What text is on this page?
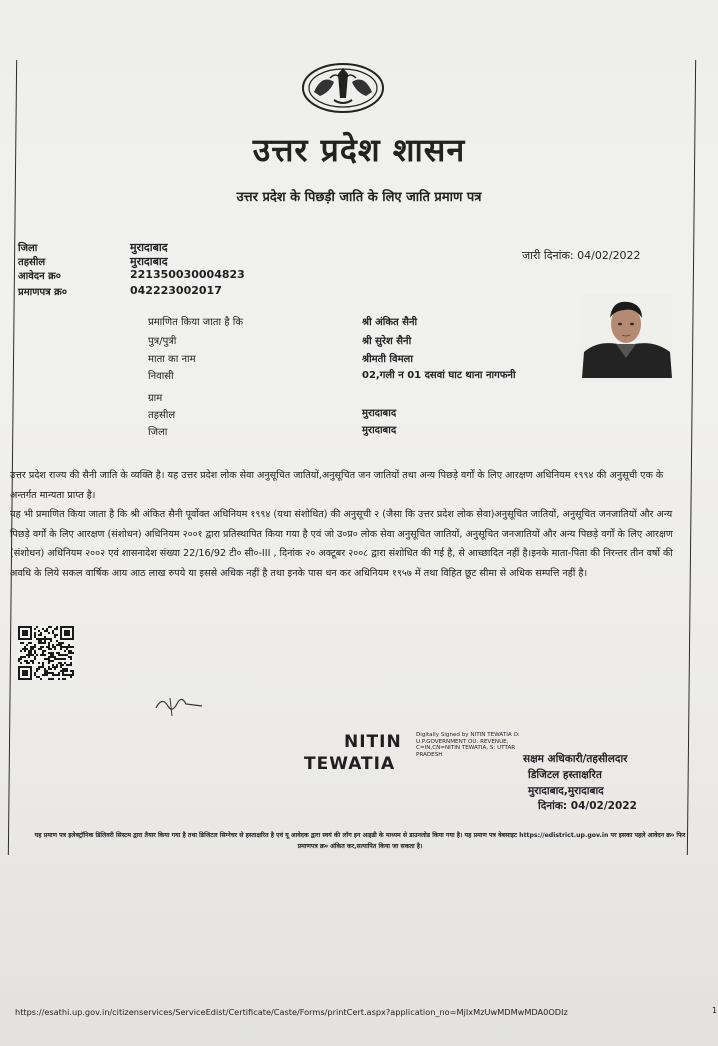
उत्तर प्रदेश शासन
उत्तर प्रदेश के पिछड़ी जाति के लिए जाति प्रमाण पत्र
जिला	मुरादाबाद
तहसील	मुरादाबाद
आवेदन क्र०	221350030004823
प्रमाणपत्र क्र०	042223002017
जारी दिनांक: 04/02/2022
प्रमाणित किया जाता है कि	श्री अंकित सैनी
पुत्र/पुत्री	श्री सुरेश सैनी
माता का नाम	श्रीमती विमला
निवासी	02,गली न 01 दसवां घाट थाना नागफनी
ग्राम
तहसील	मुरादाबाद
जिला	मुरादाबाद

उत्तर प्रदेश राज्य की सैनी जाति के व्यक्ति है। यह उत्तर प्रदेश लोक सेवा अनुसूचित जातियों,अनुसूचित जन जातियों तथा अन्य पिछड़े वर्गों के लिए आरक्षण अधिनियम १९९४ की अनुसूची एक के अन्तर्गत मान्यता प्राप्त है।

यह भी प्रमाणित किया जाता है कि श्री अंकित सैनी पूर्वोक्त अधिनियम १९९४ (यथा संशोधित) की अनुसूची २ (जैसा कि उत्तर प्रदेश लोक सेवा)अनुसूचित जातियों, अनुसूचित जनजातियों और अन्य पिछड़े वर्गों के लिए आरक्षण (संशोधन) अधिनियम २००१ द्वारा प्रतिस्थापित किया गया है एवं जो उ०प्र० लोक सेवा अनुसूचित जातियों, अनुसूचित जनजातियों और अन्य पिछड़े वर्गों के लिए आरक्षण (संशोधन) अधिनियम २००२ एवं शासनादेश संख्या 22/16/92 टी० सी०-III , दिनांक २० अक्टूबर २००८ द्वारा संशोधित की गई है, से आच्छादित नहीं है।इनके माता-पिता की निरन्तर तीन वर्षो की अवधि के लिये सकल वार्षिक आय आठ लाख रुपये या इससे अधिक नहीं है तथा इनके पास धन कर अधिनियम १९५७ में तथा विहित छूट सीमा से अधिक सम्पत्ति नहीं है।

NITIN
TEWATIA
Digitally Signed by NITIN TEWATIA O: U.P.GOVERNMENT OU: REVENUE, C=IN,CN=NITIN TEWATIA, S: UTTAR PRADESH	सक्षम अधिकारी/तहसीलदार
डिजिटल हस्ताक्षरित
मुरादाबाद,मुरादाबाद
दिनांक: 04/02/2022
यह प्रमाण पत्र इलेक्ट्रॉनिक डिलिवरी सिस्टम द्वारा तैयार किया गया है तथा डिजिटल सिग्नेचर से हस्ताक्षरित है एवं यू आवेदक द्वारा स्वयं की लॉग इन आइडी के माध्यम से डाउनलोड किया गया है। यह प्रमाण पत्र वेबसाइट https://edistrict.up.gov.in पर इसका पहले आवेदन क्र० फिर प्रमाणपत्र क्र० अंकित कर,सत्यापित किया जा सकता है।
https://esathi.up.gov.in/citizenservices/ServiceEdist/Certificate/Caste/Forms/printCert.aspx?application_no=MjIxMzUwMDMwMDA0ODIz	1
